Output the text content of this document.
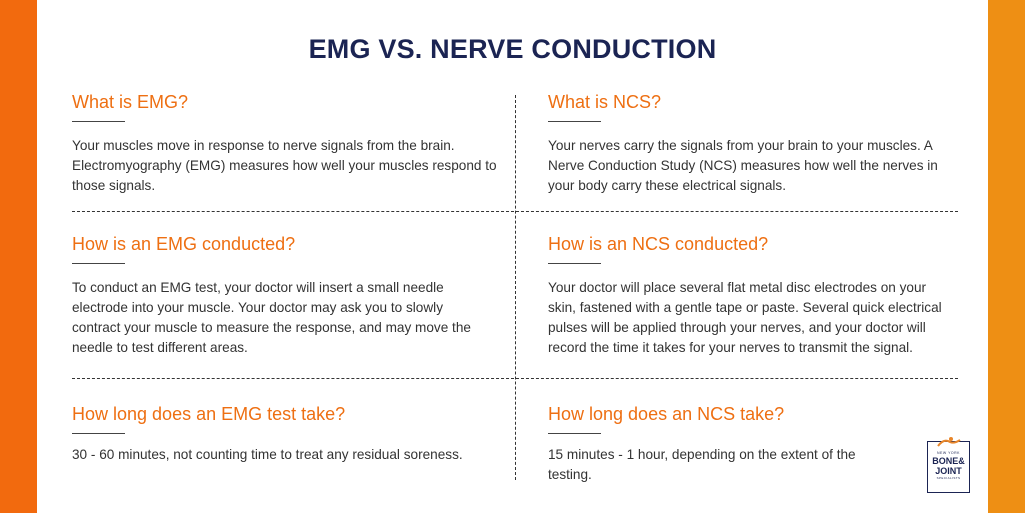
EMG VS. NERVE CONDUCTION
What is EMG?

Your muscles move in response to nerve signals from the brain. Electromyography (EMG) measures how well your muscles respond to those signals.

What is NCS?

Your nerves carry the signals from your brain to your muscles. A Nerve Conduction Study (NCS) measures how well the nerves in your body carry these electrical signals.

How is an EMG conducted?

To conduct an EMG test, your doctor will insert a small needle electrode into your muscle. Your doctor may ask you to slowly contract your muscle to measure the response, and may move the needle to test different areas.

How is an NCS conducted?

Your doctor will place several flat metal disc electrodes on your skin, fastened with a gentle tape or paste. Several quick electrical pulses will be applied through your nerves, and your doctor will record the time it takes for your nerves to transmit the signal.

How long does an EMG test take?

30 - 60 minutes, not counting time to treat any residual soreness.

How long does an NCS take?

15 minutes - 1 hour, depending on the extent of the testing.

NEW YORK
BONE&
JOINT
SPECIALISTS
